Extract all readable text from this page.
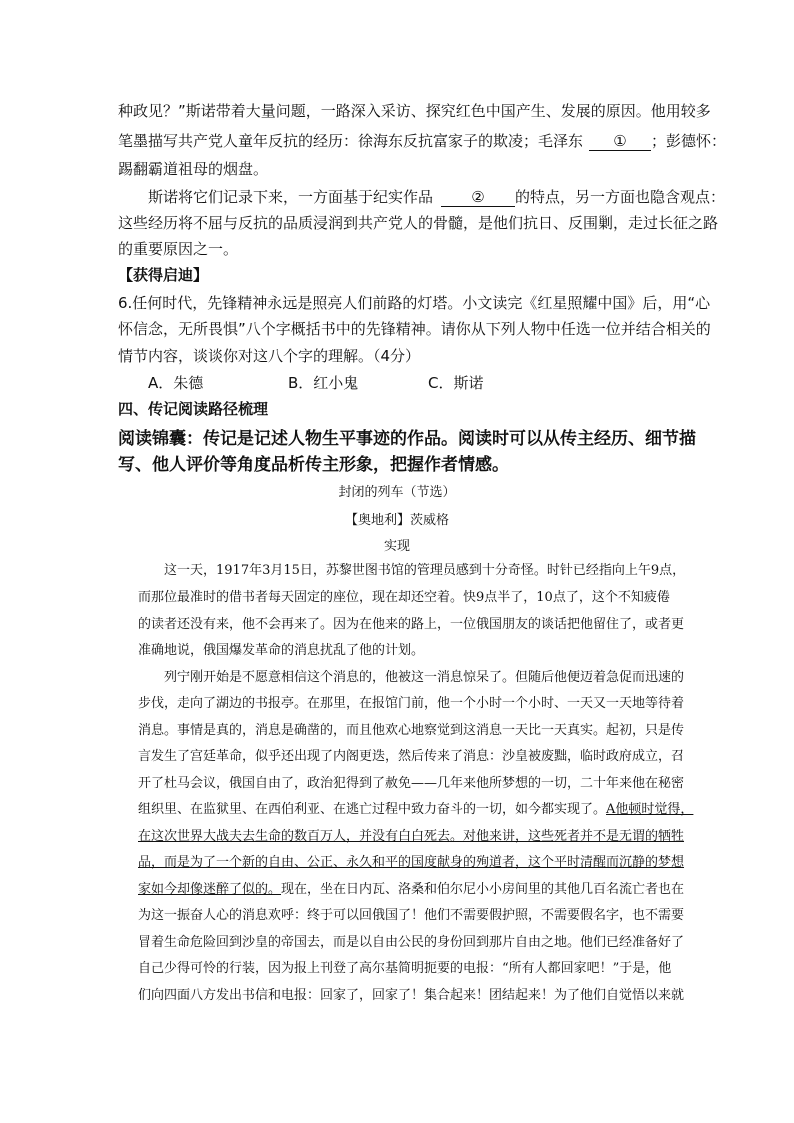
种政见？”斯诺带着大量问题，一路深入采访、探究红色中国产生、发展的原因。他用较多
笔墨描写共产党人童年反抗的经历：徐海东反抗富家子的欺凌；毛泽东 ① ；彭德怀：
踢翻霸道祖母的烟盘。
斯诺将它们记录下来，一方面基于纪实作品	② 的特点，另一方面也隐含观点：
这些经历将不屈与反抗的品质浸润到共产党人的骨髓，是他们抗日、反围剿，走过长征之路
的重要原因之一。
【获得启迪】
6.任何时代，先锋精神永远是照亮人们前路的灯塔。小文读完《红星照耀中国》后，用“心
怀信念，无所畏惧”八个字概括书中的先锋精神。请你从下列人物中任选一位并结合相关的
情节内容，谈谈你对这八个字的理解。（4分）
A．朱德	B．红小鬼	C．斯诺
四、传记阅读路径梳理
阅读锦囊：传记是记述人物生平事迹的作品。阅读时可以从传主经历、细节描
写、他人评价等角度品析传主形象，把握作者情感。
封闭的列车（节选）
【奥地利】茨威格
实现
这一天，1917年3月15日，苏黎世图书馆的管理员感到十分奇怪。时针已经指向上午9点，
而那位最准时的借书者每天固定的座位，现在却还空着。快9点半了，10点了，这个不知疲倦
的读者还没有来，他不会再来了。因为在他来的路上，一位俄国朋友的谈话把他留住了，或者更
准确地说，俄国爆发革命的消息扰乱了他的计划。
列宁刚开始是不愿意相信这个消息的，他被这一消息惊呆了。但随后他便迈着急促而迅速的
步伐，走向了湖边的书报亭。在那里，在报馆门前，他一个小时一个小时、一天又一天地等待着
消息。事情是真的，消息是确凿的，而且他欢心地察觉到这消息一天比一天真实。起初，只是传
言发生了宫廷革命，似乎还出现了内阁更迭，然后传来了消息：沙皇被废黜，临时政府成立，召
开了杜马会议，俄国自由了，政治犯得到了赦免——几年来他所梦想的一切，二十年来他在秘密
组织里、在监狱里、在西伯利亚、在逃亡过程中致力奋斗的一切，如今都实现了。A他顿时觉得，
在这次世界大战夫去生命的数百万人，并没有白白死去。对他来讲，这些死者并不是无谓的牺牲
品，而是为了一个新的自由、公正、永久和平的国度献身的殉道者，这个平时清醒而沉静的梦想
家如今却像迷醉了似的。现在，坐在日内瓦、洛桑和伯尔尼小小房间里的其他几百名流亡者也在
为这一振奋人心的消息欢呼：终于可以回俄国了！他们不需要假护照，不需要假名字，也不需要
冒着生命危险回到沙皇的帝国去，而是以自由公民的身份回到那片自由之地。他们已经准备好了
自己少得可怜的行装，因为报上刊登了高尔基简明扼要的电报：“所有人都回家吧！”于是，他
们向四面八方发出书信和电报：回家了，回家了！集合起来！团结起来！为了他们自觉悟以来就
